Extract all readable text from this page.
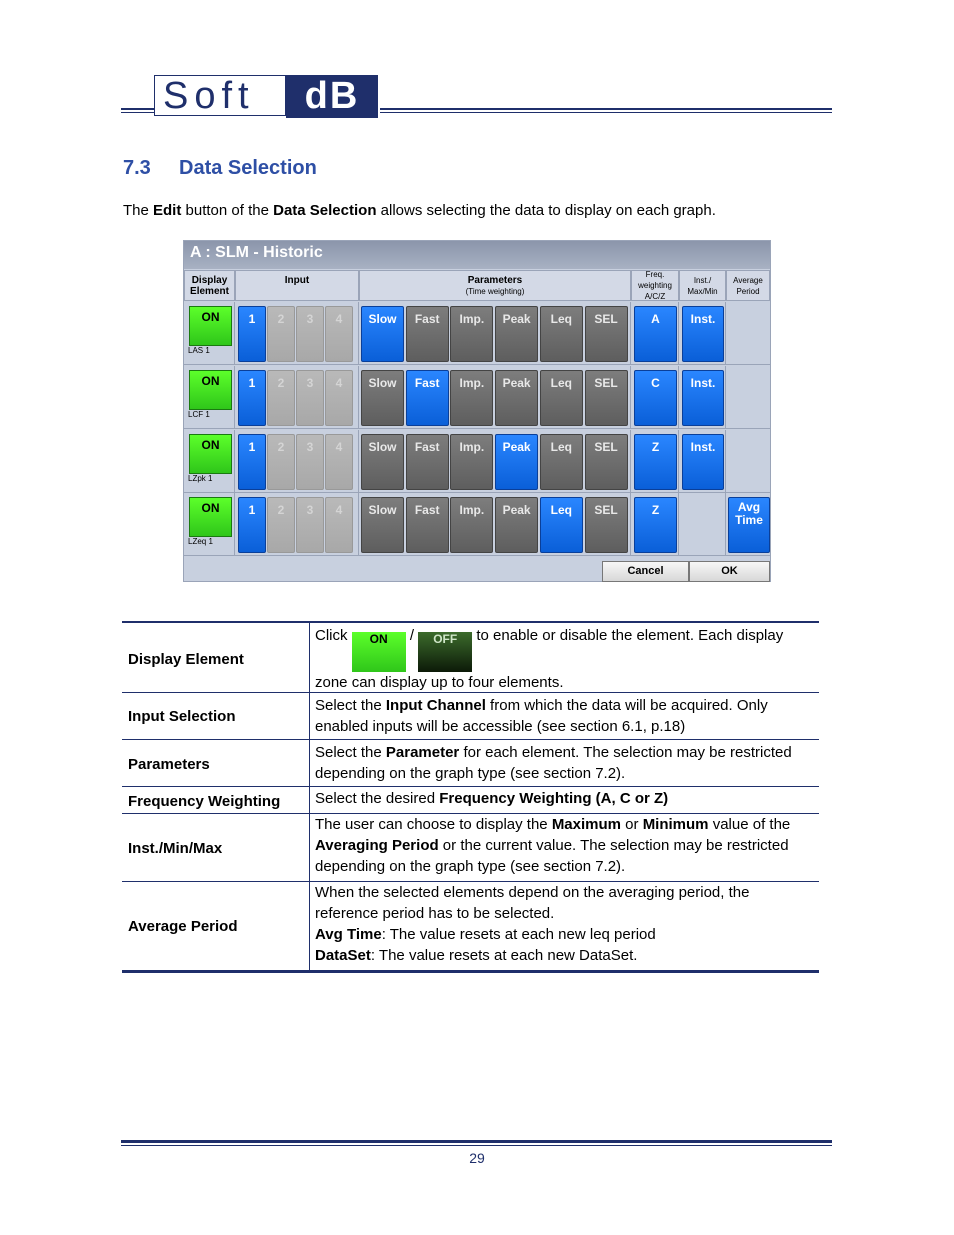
Soft	dB
7.3 Data Selection
The Edit button of the Data Selection allows selecting the data to display on each graph.
A : SLM - Historic
Display
Element
Input	Parameters
(Time weighting)
Freq.
weighting
A/C/Z
Inst./
Max/Min
Average
Period
ON
LAS 1
1	2	3	4	Slow	Fast	Imp.	Peak	Leq	SEL	A	Inst.
ON
LCF 1
1	2	3	4	Slow	Fast	Imp.	Peak	Leq	SEL	C	Inst.
ON
LZpk 1
1	2	3	4	Slow	Fast	Imp.	Peak	Leq	SEL	Z	Inst.
ON
LZeq 1
1	2	3	4	Slow	Fast	Imp.	Peak	Leq	SEL	Z	Avg Time
Cancel	OK
Display Element
Click ON / OFF to enable or disable the element. Each display zone can display up to four elements.
Input Selection
Select the Input Channel from which the data will be acquired. Only enabled inputs will be accessible (see section 6.1, p.18)
Parameters
Select the Parameter for each element. The selection may be restricted depending on the graph type (see section 7.2).
Frequency Weighting Select the desired Frequency Weighting (A, C or Z)
Inst./Min/Max
The user can choose to display the Maximum or Minimum value of the Averaging Period or the current value. The selection may be restricted depending on the graph type (see section 7.2).
Average Period
When the selected elements depend on the averaging period, the reference period has to be selected.
Avg Time: The value resets at each new leq period
DataSet: The value resets at each new DataSet.
29
